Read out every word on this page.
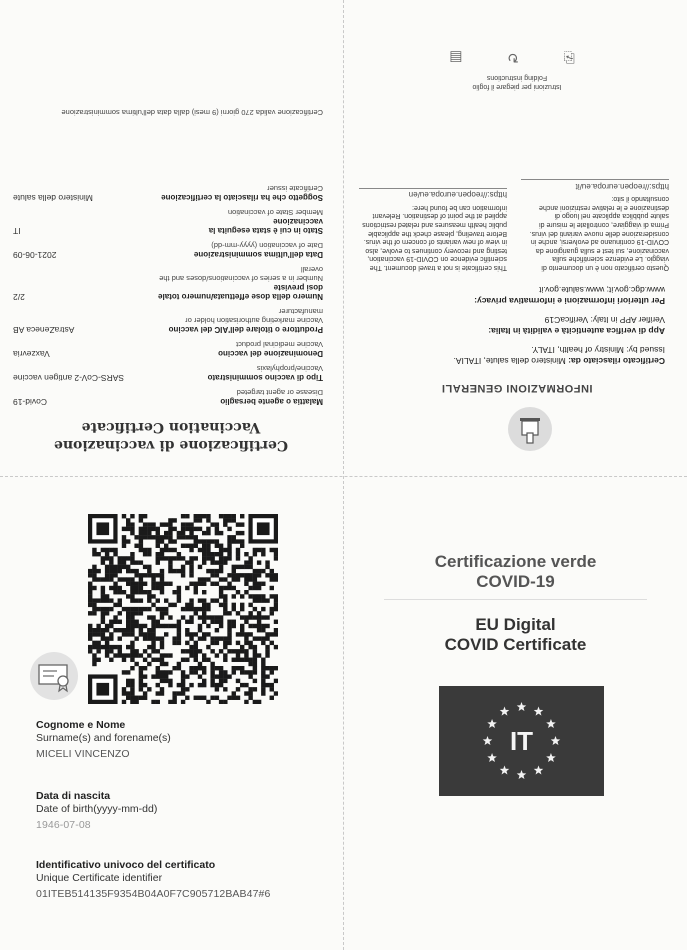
Certificazione di vaccinazione
Vaccination Certificate
Malattia o agente bersaglio
Disease or agent targeted
Covid-19
Tipo di vaccino somministrato
Vaccine/prophylaxis
SARS-CoV-2 antigen vaccine
Denominazione del vaccino
Vaccine medicinal product
Vaxzevria
Produttore o titolare dell'AIC del vaccino
Vaccine marketing authorisation holder or manufacturer
AstraZeneca AB
Numero della dose effettuata/numero totale dosi previste
Number in a series of vaccinations/doses and the overall
2/2
Data dell'ultima somministrazione
Date of vaccination (yyyy-mm-dd)
2021-06-09
Stato in cui è stata eseguita la vaccinazione
Member State of vaccination
IT
Soggetto che ha rilasciato la certificazione
Certificate issuer
Ministero della salute
Certificazione valida 270 giorni (9 mesi) dalla data dell'ultima somministrazione
INFORMAZIONI GENERALI
Certificato rilasciato da: Ministero della salute, ITALIA.
Issued by: Ministry of health, ITALY.
App di verifica autenticità e validità in Italia:
Verifier APP in Italy: VerificaC19
Per ulteriori informazioni e informativa privacy:
www.dgc.gov.it; www.salute.gov.it
Questo certificato non è un documento di viaggio. Le evidenze scientifiche sulla vaccinazione, sui test e sulla guarigione da COVID-19 continuano ad evolversi, anche in considerazione delle nuove varianti del virus. Prima di viaggiare, controllate le misure di salute pubblica applicate nel luogo di destinazione e le relative restrizioni anche consultando il sito:
https://reopen.europa.eu/it
This certificate is not a travel document. The scientific evidence on COVID-19 vaccination, testing and recovery continues to evolve, also in view of new variants of concern of the virus. Before traveling, please check the applicable public health measures and related restrictions applied at the point of destination. Relevant information can be found here:
https://reopen.europa.eu/en
Istruzioni per piegare il foglio
Folding instructions
⎘
↻
▤
Cognome e Nome
Surname(s) and forename(s)
MICELI VINCENZO
Data di nascita
Date of birth(yyyy-mm-dd)
1946-07-08
Identificativo univoco del certificato
Unique Certificate identifier
01ITEB514135F9354B04A0F7C905712BAB47#6
Certificazione verde
COVID-19
EU Digital
COVID Certificate
IT
